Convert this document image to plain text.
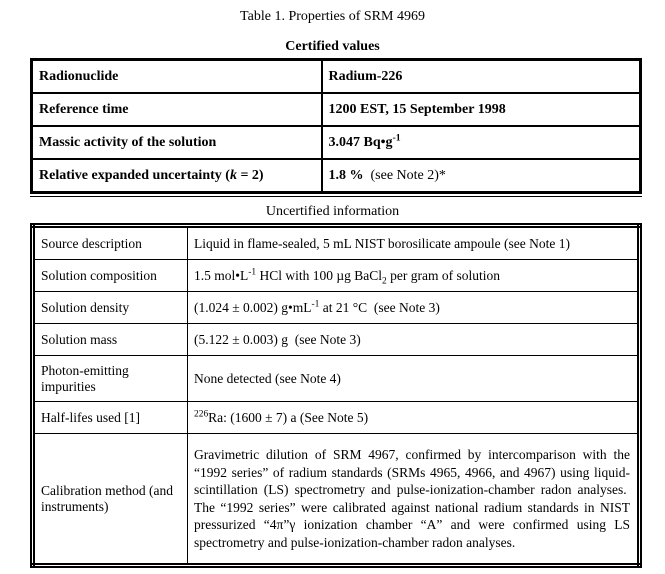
Table 1. Properties of SRM 4969
Certified values
Radionuclide	Radium-226
Reference time	1200 EST, 15 September 1998
Massic activity of the solution	3.047 $Bq•g^{-1}$
Relative expanded uncertainty (k = 2)	1.8 %  (see Note 2)*
Uncertified information
Source description	Liquid in flame-sealed, 5 mL NIST borosilicate ampoule (see Note 1)
Solution composition	1.5 $mol•L^{-1}$ HCl with 100 µg BaCl$_2$ per gram of solution
Solution density	(1.024 ± 0.002) $g•mL^{-1}$ at 21 °C  (see Note 3)
Solution mass	(5.122 ± 0.003) g  (see Note 3)
Photon-emitting impurities	None detected (see Note 4)
Half-lifes used [1]	$^{226}$Ra: (1600 ± 7) a (See Note 5)
Calibration method (and instruments)	Gravimetric dilution of SRM 4967, confirmed by intercomparison with the “1992 series” of radium standards (SRMs 4965, 4966, and 4967) using liquid-scintillation (LS) spectrometry and pulse-ionization-chamber radon analyses.  The “1992 series” were calibrated against national radium standards in NIST pressurized “4π”γ ionization chamber “A” and were confirmed using LS spectrometry and pulse-ionization-chamber radon analyses.
